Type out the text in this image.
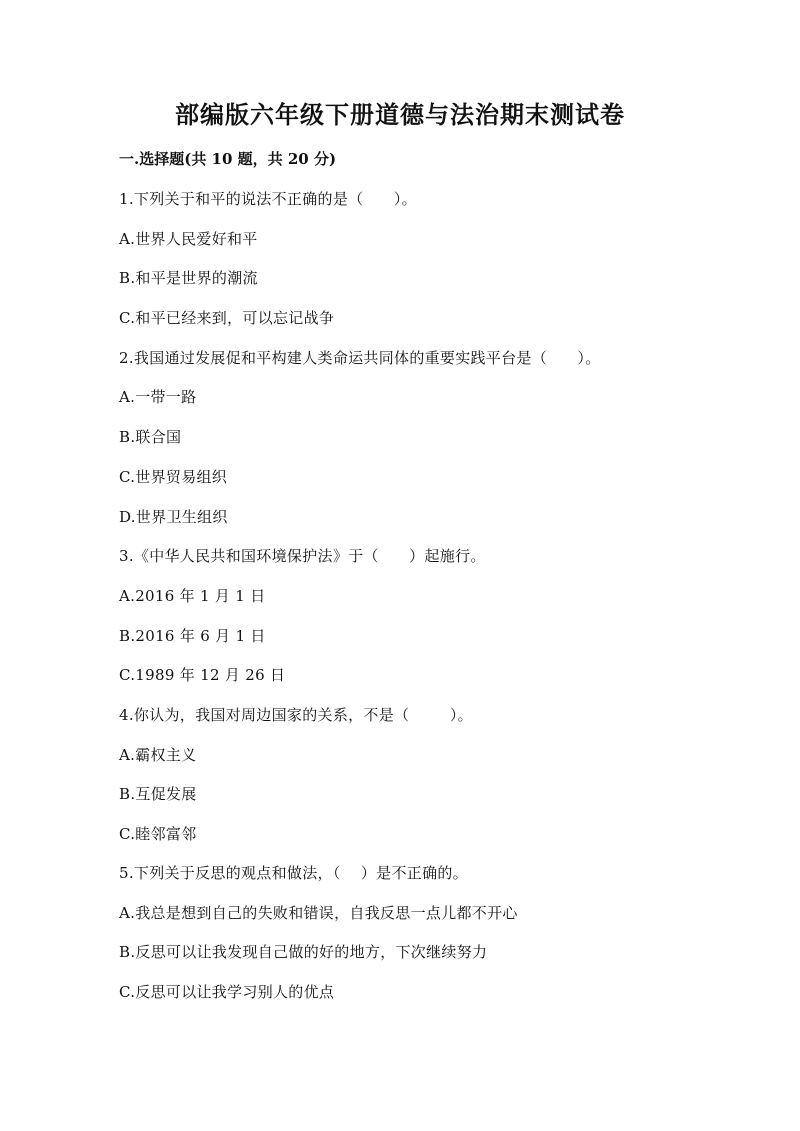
部编版六年级下册道德与法治期末测试卷
一.选择题(共 10 题，共 20 分)
1.下列关于和平的说法不正确的是（      ）。
A.世界人民爱好和平
B.和平是世界的潮流
C.和平已经来到，可以忘记战争
2.我国通过发展促和平构建人类命运共同体的重要实践平台是（      ）。
A.一带一路
B.联合国
C.世界贸易组织
D.世界卫生组织
3.《中华人民共和国环境保护法》于（      ）起施行。
A.2016 年 1 月 1 日
B.2016 年 6 月 1 日
C.1989 年 12 月 26 日
4.你认为，我国对周边国家的关系，不是（        ）。
A.霸权主义
B.互促发展
C.睦邻富邻
5.下列关于反思的观点和做法，（    ）是不正确的。
A.我总是想到自己的失败和错误，自我反思一点儿都不开心
B.反思可以让我发现自己做的好的地方，下次继续努力
C.反思可以让我学习别人的优点
